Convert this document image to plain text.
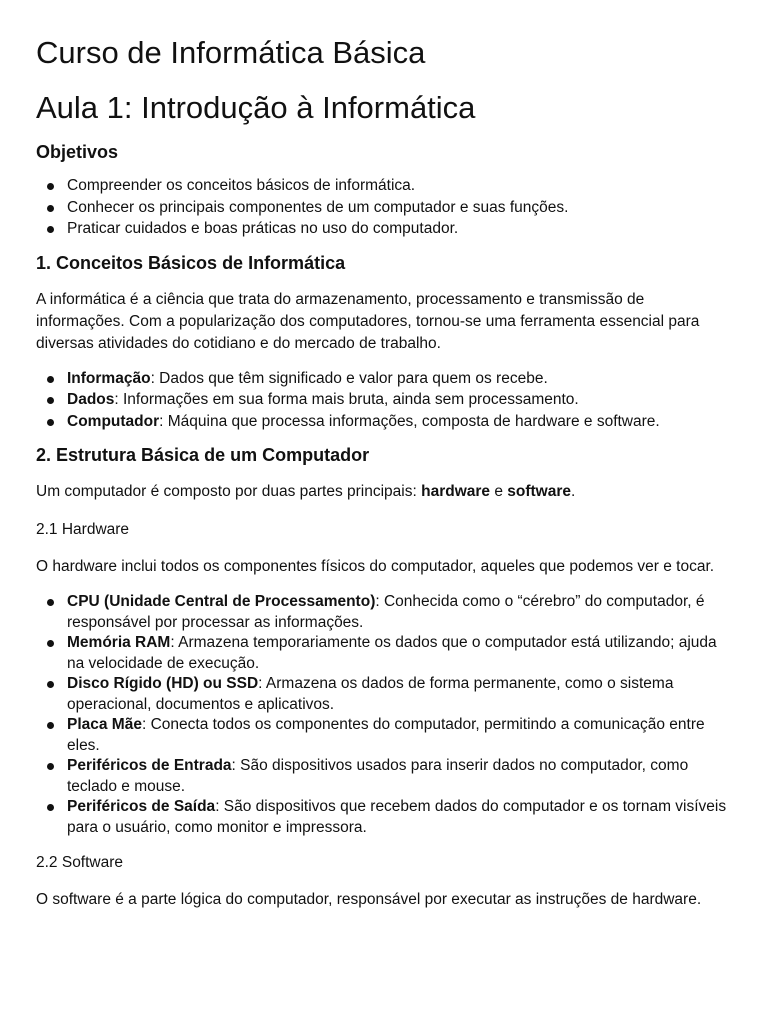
Curso de Informática Básica
Aula 1: Introdução à Informática
Objetivos
Compreender os conceitos básicos de informática.
Conhecer os principais componentes de um computador e suas funções.
Praticar cuidados e boas práticas no uso do computador.
1. Conceitos Básicos de Informática

A informática é a ciência que trata do armazenamento, processamento e transmissão de informações. Com a popularização dos computadores, tornou-se uma ferramenta essencial para diversas atividades do cotidiano e do mercado de trabalho.

Informação: Dados que têm significado e valor para quem os recebe.
Dados: Informações em sua forma mais bruta, ainda sem processamento.
Computador: Máquina que processa informações, composta de hardware e software.
2. Estrutura Básica de um Computador

Um computador é composto por duas partes principais: hardware e software.

2.1 Hardware

O hardware inclui todos os componentes físicos do computador, aqueles que podemos ver e tocar.

CPU (Unidade Central de Processamento): Conhecida como o “cérebro” do computador, é responsável por processar as informações.
Memória RAM: Armazena temporariamente os dados que o computador está utilizando; ajuda na velocidade de execução.
Disco Rígido (HD) ou SSD: Armazena os dados de forma permanente, como o sistema operacional, documentos e aplicativos.
Placa Mãe: Conecta todos os componentes do computador, permitindo a comunicação entre eles.
Periféricos de Entrada: São dispositivos usados para inserir dados no computador, como teclado e mouse.
Periféricos de Saída: São dispositivos que recebem dados do computador e os tornam visíveis para o usuário, como monitor e impressora.
2.2 Software

O software é a parte lógica do computador, responsável por executar as instruções de hardware.
